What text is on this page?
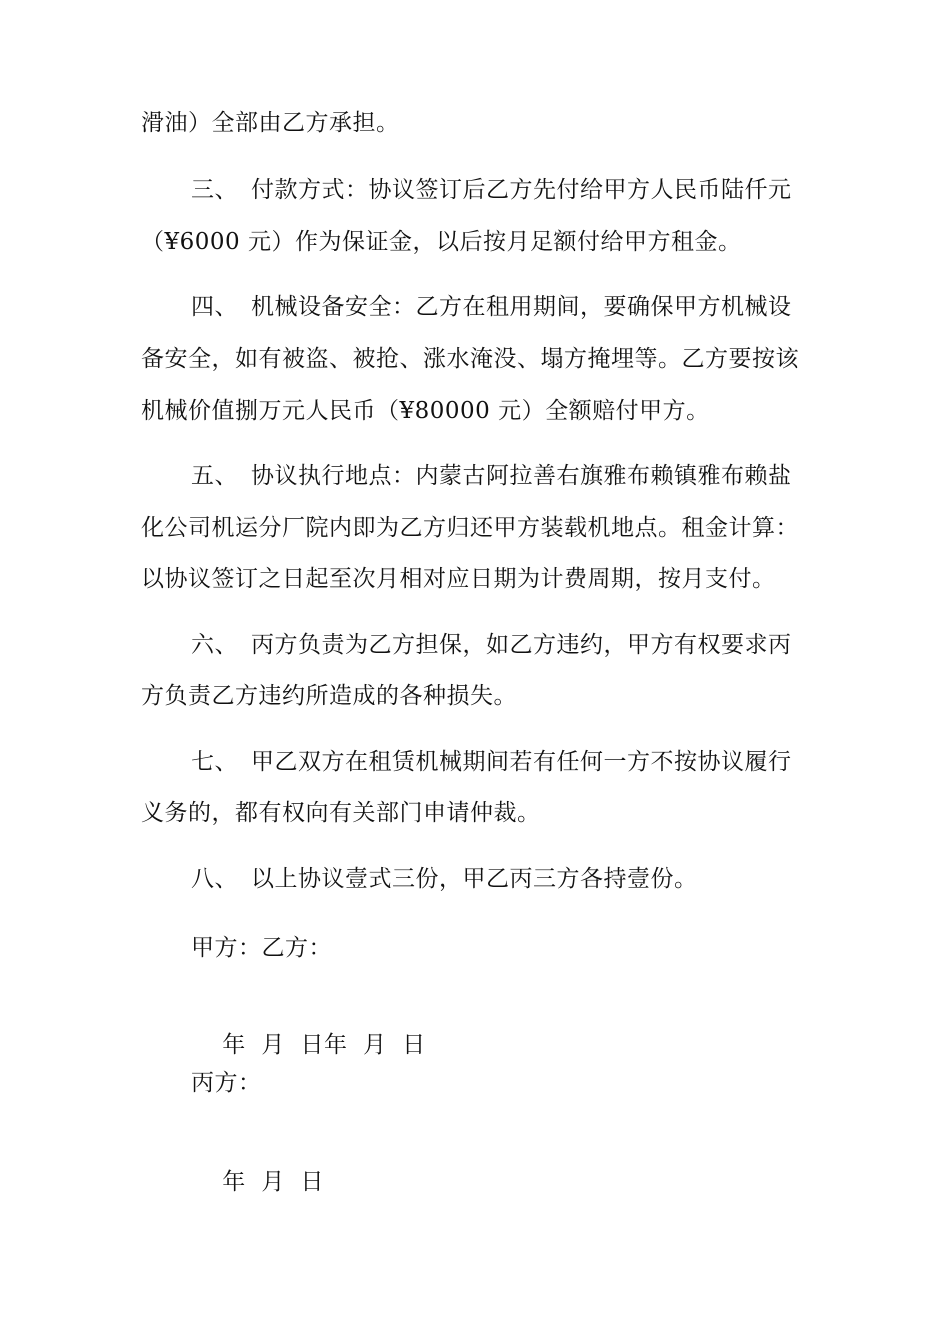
滑油）全部由乙方承担。
三、 付款方式：协议签订后乙方先付给甲方人民币陆仟元
（¥6000 元）作为保证金，以后按月足额付给甲方租金。
四、 机械设备安全：乙方在租用期间，要确保甲方机械设
备安全，如有被盗、被抢、涨水淹没、塌方掩埋等。乙方要按该
机械价值捌万元人民币（¥80000 元）全额赔付甲方。
五、 协议执行地点：内蒙古阿拉善右旗雅布赖镇雅布赖盐
化公司机运分厂院内即为乙方归还甲方装载机地点。租金计算：
以协议签订之日起至次月相对应日期为计费周期，按月支付。
六、 丙方负责为乙方担保，如乙方违约，甲方有权要求丙
方负责乙方违约所造成的各种损失。
七、 甲乙双方在租赁机械期间若有任何一方不按协议履行
义务的，都有权向有关部门申请仲裁。
八、 以上协议壹式三份，甲乙丙三方各持壹份。
甲方：乙方：

年  月  日年  月  日

丙方：

年  月  日
